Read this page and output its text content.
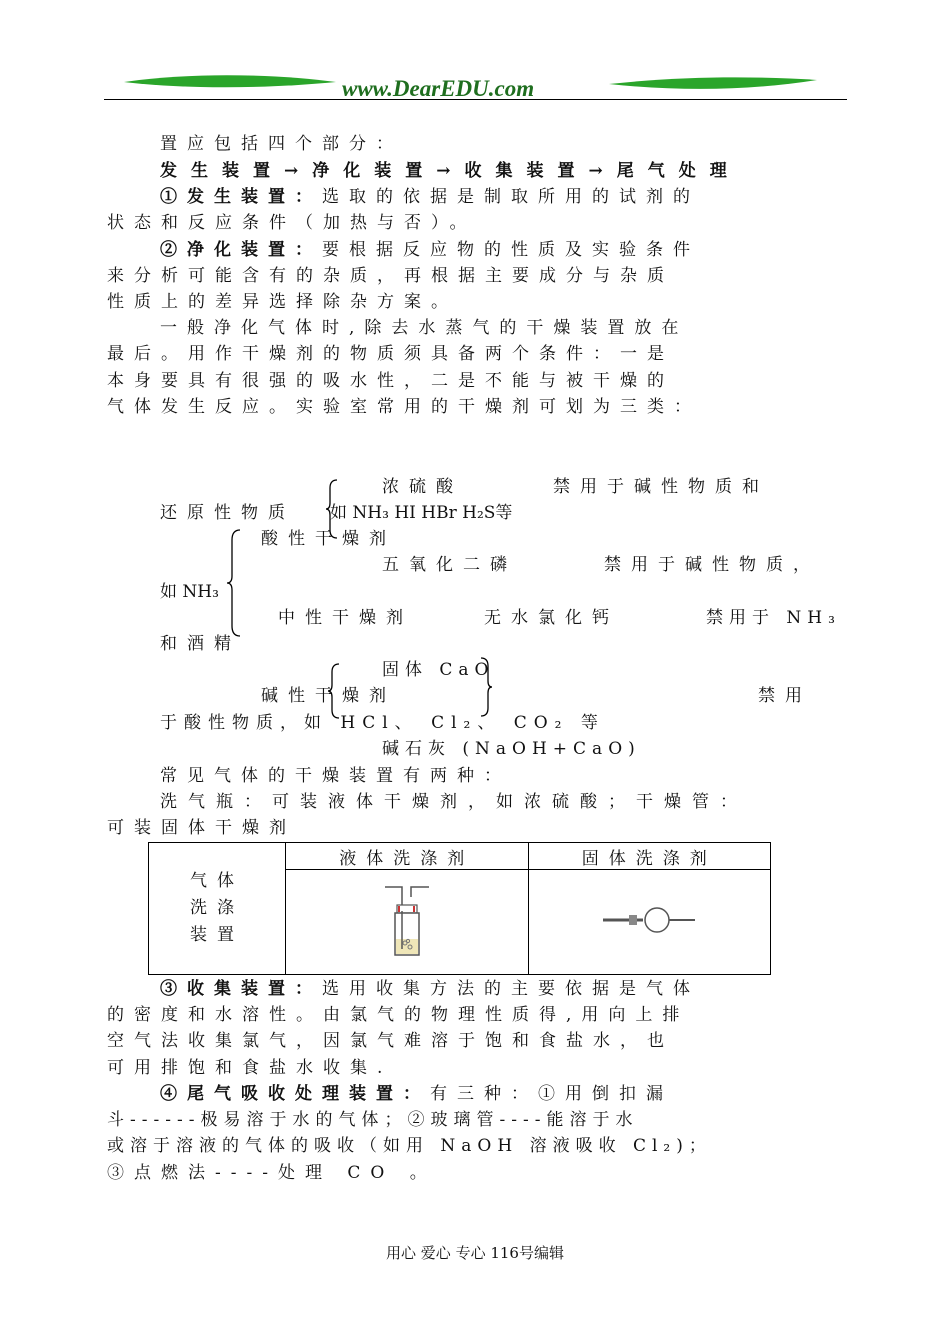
www.DearEDU.com
置应包括四个部分：
发生装置→净化装置→收集装置→尾气处理
①发生装置：选取的依据是制取所用的试剂的
状态和反应条件（加热与否）。
②净化装置：要根据反应物的性质及实验条件
来分析可能含有的杂质，再根据主要成分与杂质
性质上的差异选择除杂方案。
一般净化气体时,除去水蒸气的干燥装置放在
最后。用作干燥剂的物质须具备两个条件：一是
本身要具有很强的吸水性，二是不能与被干燥的
气体发生反应。实验室常用的干燥剂可划为三类：
浓硫酸	禁用于碱性物质和
还原性物质 如 NH₃ HI HBr H₂S等
酸性干燥剂
五氧化二磷	禁用于碱性物质，
如 NH₃
中性干燥剂	无水氯化钙	禁用于 NH₃
和酒精
固体 CaO
碱性干燥剂	禁用
于酸性物质，如 HCl、 Cl₂、 CO₂ 等
碱石灰 (NaOH+CaO)
常见气体的干燥装置有两种：
洗气瓶：可装液体干燥剂，如浓硫酸；干燥管：
可装固体干燥剂
气体
洗涤
装置	液体洗涤剂	固体洗涤剂

③收集装置：选用收集方法的主要依据是气体
的密度和水溶性。由氯气的物理性质得,用向上排
空气法收集氯气，因氯气难溶于饱和食盐水，也
可用排饱和食盐水收集.
④尾气吸收处理装置：有三种：①用倒扣漏
斗------极易溶于水的气体；②玻璃管----能溶于水
或溶于溶液的气体的吸收（如用 NaOH 溶液吸收 Cl₂)；
③点燃法----处理 CO 。
用心 爱心 专心 116号编辑
